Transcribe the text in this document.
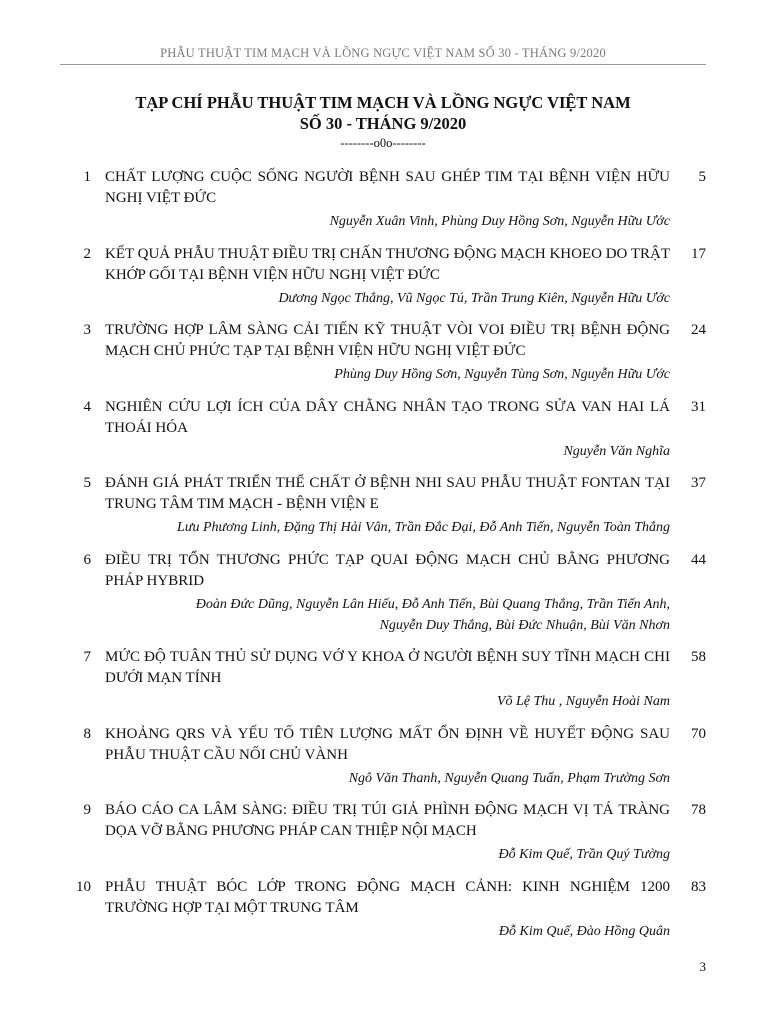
PHẪU THUẬT TIM MẠCH VÀ LỒNG NGỰC VIỆT NAM SỐ 30 - THÁNG 9/2020
TẠP CHÍ PHẪU THUẬT TIM MẠCH VÀ LỒNG NGỰC VIỆT NAM
SỐ 30 - THÁNG 9/2020
--------o0o--------
1	5
CHẤT LƯỢNG CUỘC SỐNG NGƯỜI BỆNH SAU GHÉP TIM TẠI BỆNH VIỆN HỮU NGHỊ VIỆT ĐỨC
Nguyễn Xuân Vinh, Phùng Duy Hồng Sơn, Nguyễn Hữu Ước
2	17
KẾT QUẢ PHẪU THUẬT ĐIỀU TRỊ CHẤN THƯƠNG ĐỘNG MẠCH KHOEO DO TRẬT KHỚP GỐI TẠI BỆNH VIỆN HỮU NGHỊ VIỆT ĐỨC
Dương Ngọc Thắng, Vũ Ngọc Tú, Trần Trung Kiên, Nguyễn Hữu Ước
3	24
TRƯỜNG HỢP LÂM SÀNG CẢI TIẾN KỸ THUẬT VÒI VOI ĐIỀU TRỊ BỆNH ĐỘNG MẠCH CHỦ PHỨC TẠP TẠI BỆNH VIỆN HỮU NGHỊ VIỆT ĐỨC
Phùng Duy Hồng Sơn, Nguyễn Tùng Sơn, Nguyễn Hữu Ước
4	31
NGHIÊN CỨU LỢI ÍCH CỦA DÂY CHẰNG NHÂN TẠO TRONG SỬA VAN HAI LÁ THOÁI HÓA
Nguyễn Văn Nghĩa
5	37
ĐÁNH GIÁ PHÁT TRIỂN THỂ CHẤT Ở BỆNH NHI SAU PHẪU THUẬT FONTAN TẠI TRUNG TÂM TIM MẠCH - BỆNH VIỆN E
Lưu Phương Linh, Đặng Thị Hải Vân, Trần Đắc Đại, Đỗ Anh Tiến, Nguyễn Toàn Thắng
6	44
ĐIỀU TRỊ TỔN THƯƠNG PHỨC TẠP QUAI ĐỘNG MẠCH CHỦ BẰNG PHƯƠNG PHÁP HYBRID
Đoàn Đức Dũng, Nguyễn Lân Hiếu, Đỗ Anh Tiến, Bùi Quang Thắng, Trần Tiến Anh,
Nguyễn Duy Thắng, Bùi Đức Nhuận, Bùi Văn Nhơn
7	58
MỨC ĐỘ TUÂN THỦ SỬ DỤNG VỚ Y KHOA Ở NGƯỜI BỆNH SUY TĨNH MẠCH CHI DƯỚI MẠN TÍNH
Võ Lệ Thu , Nguyễn Hoài Nam
8	70
KHOẢNG QRS VÀ YẾU TỐ TIÊN LƯỢNG MẤT ỔN ĐỊNH VỀ HUYẾT ĐỘNG SAU PHẪU THUẬT CẦU NỐI CHỦ VÀNH
Ngô Văn Thanh, Nguyễn Quang Tuấn, Phạm Trường Sơn
9	78
BÁO CÁO CA LÂM SÀNG: ĐIỀU TRỊ TÚI GIẢ PHÌNH ĐỘNG MẠCH VỊ TÁ TRÀNG DỌA VỠ BẰNG PHƯƠNG PHÁP CAN THIỆP NỘI MẠCH
Đỗ Kim Quế, Trần Quý Tường
10	83
PHẪU THUẬT BÓC LỚP TRONG ĐỘNG MẠCH CẢNH: KINH NGHIỆM 1200 TRƯỜNG HỢP TẠI MỘT TRUNG TÂM
Đỗ Kim Quế, Đào Hồng Quân
3
